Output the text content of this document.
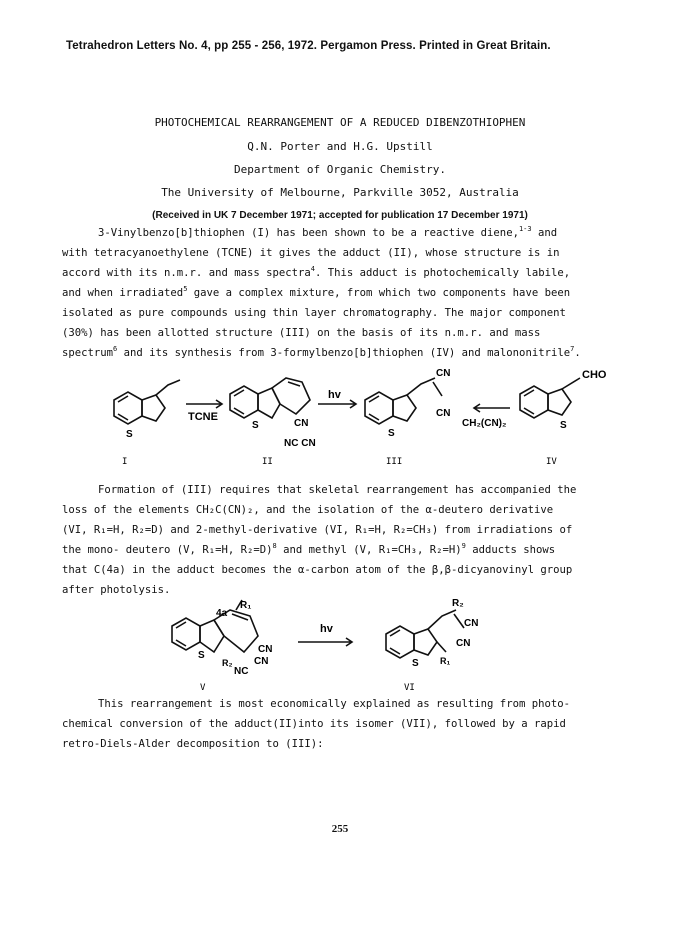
Tetrahedron Letters No. 4, pp 255 - 256, 1972. Pergamon Press. Printed in Great Britain.
PHOTOCHEMICAL REARRANGEMENT OF A REDUCED DIBENZOTHIOPHEN
Q.N. Porter and H.G. Upstill
Department of Organic Chemistry.
The University of Melbourne, Parkville 3052, Australia
(Received in UK 7 December 1971; accepted for publication 17 December 1971)

3-Vinylbenzo[b]thiophen (I) has been shown to be a reactive diene,$^{1-3}$ and

with tetracyanoethylene (TCNE) it gives the adduct (II), whose structure is in

accord with its n.m.r. and mass spectra$^4$. This adduct is photochemically labile,

and when irradiated$^5$ gave a complex mixture, from which two components have been

isolated as pure compounds using thin layer chromatography. The major component

(30%) has been allotted structure (III) on the basis of its n.m.r. and mass

spectrum$^6$ and its synthesis from 3-formylbenzo[b]thiophen (IV) and malononitrile$^7$.

S
TCNE
S	CN
NC CN
hv
S
CN
CN
CH₂(CN)₂
CHO
S
I	II	III	IV

Formation of (III) requires that skeletal rearrangement has accompanied the

loss of the elements CH₂C(CN)₂, and the isolation of the α-deutero derivative

(VI, R₁=H, R₂=D) and 2-methyl-derivative (VI, R₁=H, R₂=CH₃) from irradiations of

the mono- deutero (V, R₁=H, R₂=D)$^8$ and methyl (V, R₁=CH₃, R₂=H)$^9$ adducts shows

that C(4a) in the adduct becomes the α-carbon atom of the β,β-dicyanovinyl group

after photolysis.

4a
R₁
S
R₂
CN
CN
NC
hv
R₂
CN
CN
S R₁
V	VI

This rearrangement is most economically explained as resulting from photo-

chemical conversion of the adduct(II)into its isomer (VII), followed by a rapid

retro-Diels-Alder decomposition to (III):

255
